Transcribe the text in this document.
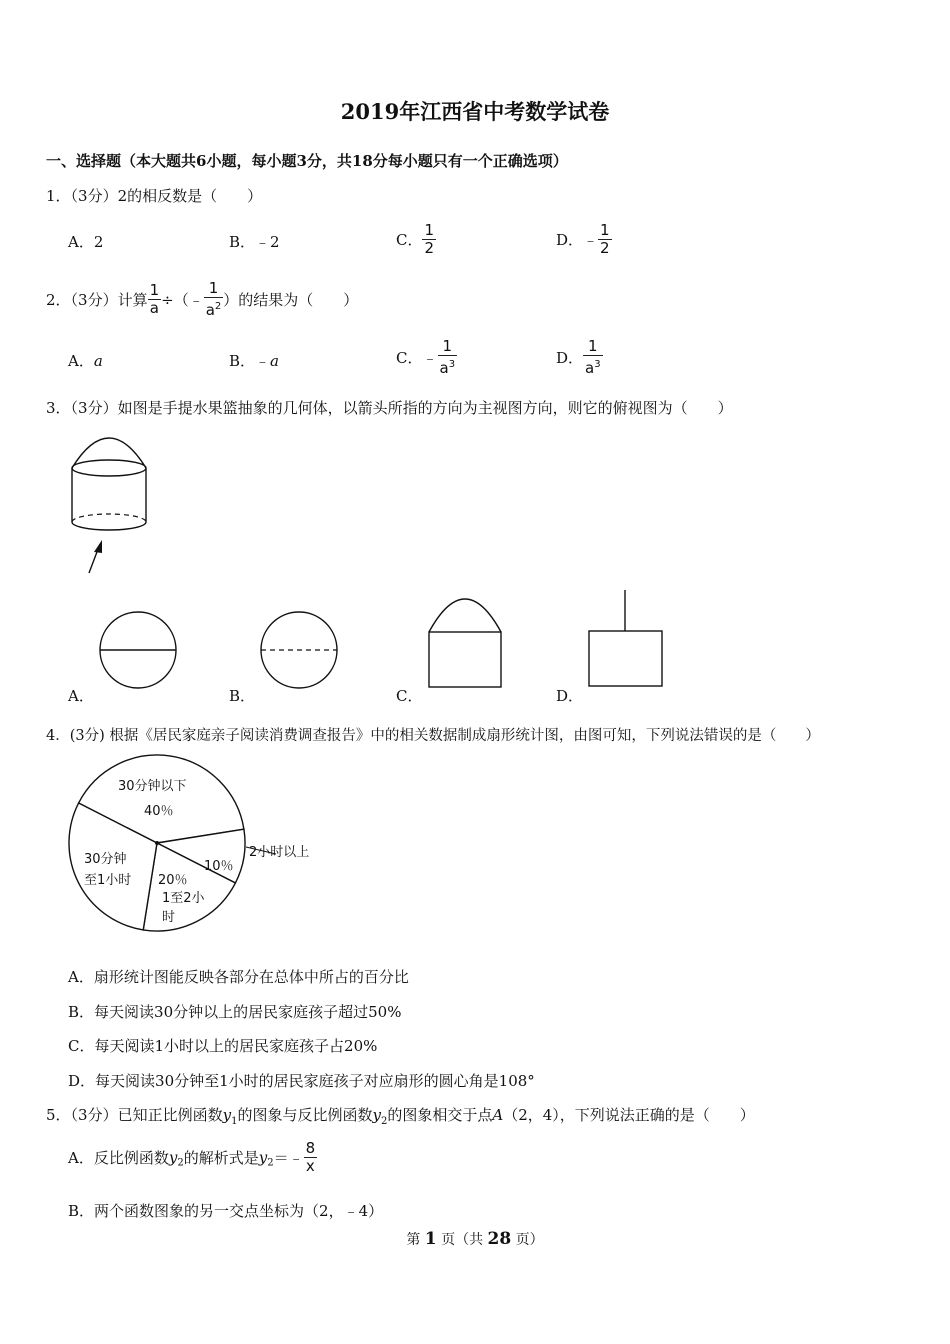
2019年江西省中考数学试卷
一、选择题（本大题共6小题，每小题3分，共18分每小题只有一个正确选项）
1．（3分）2的相反数是（　　）
A．2	B．﹣2	C． $\frac{1}{2}$	D．﹣ $\frac{1}{2}$
2．（3分）计算 $\frac{1}{a}$ ÷（﹣ $\frac{1}{a^2}$ ）的结果为（　　）
A．a	B．﹣a	C．﹣ $\frac{1}{a^3}$	D． $\frac{1}{a^3}$
3．（3分）如图是手提水果篮抽象的几何体，以箭头所指的方向为主视图方向，则它的俯视图为（　　）
A．	B．	C．	D．
4．(3分) 根据《居民家庭亲子阅读消费调查报告》中的相关数据制成扇形统计图，由图可知，下列说法错误的是（　　）
30分钟以下
40％
2小时以上
10％
20％
1至2小
时
30分钟
至1小时
A．扇形统计图能反映各部分在总体中所占的百分比
B．每天阅读30分钟以上的居民家庭孩子超过50%
C．每天阅读1小时以上的居民家庭孩子占20%
D．每天阅读30分钟至1小时的居民家庭孩子对应扇形的圆心角是108°
5．（3分）已知正比例函数$y_1$的图象与反比例函数$y_2$的图象相交于点A（2，4），下列说法正确的是（　　）
A．反比例函数$y_2$的解析式是$y_2=﹣ \frac{8}{x}$
B．两个函数图象的另一交点坐标为（2，﹣4）
第 1 页（共 28 页）
